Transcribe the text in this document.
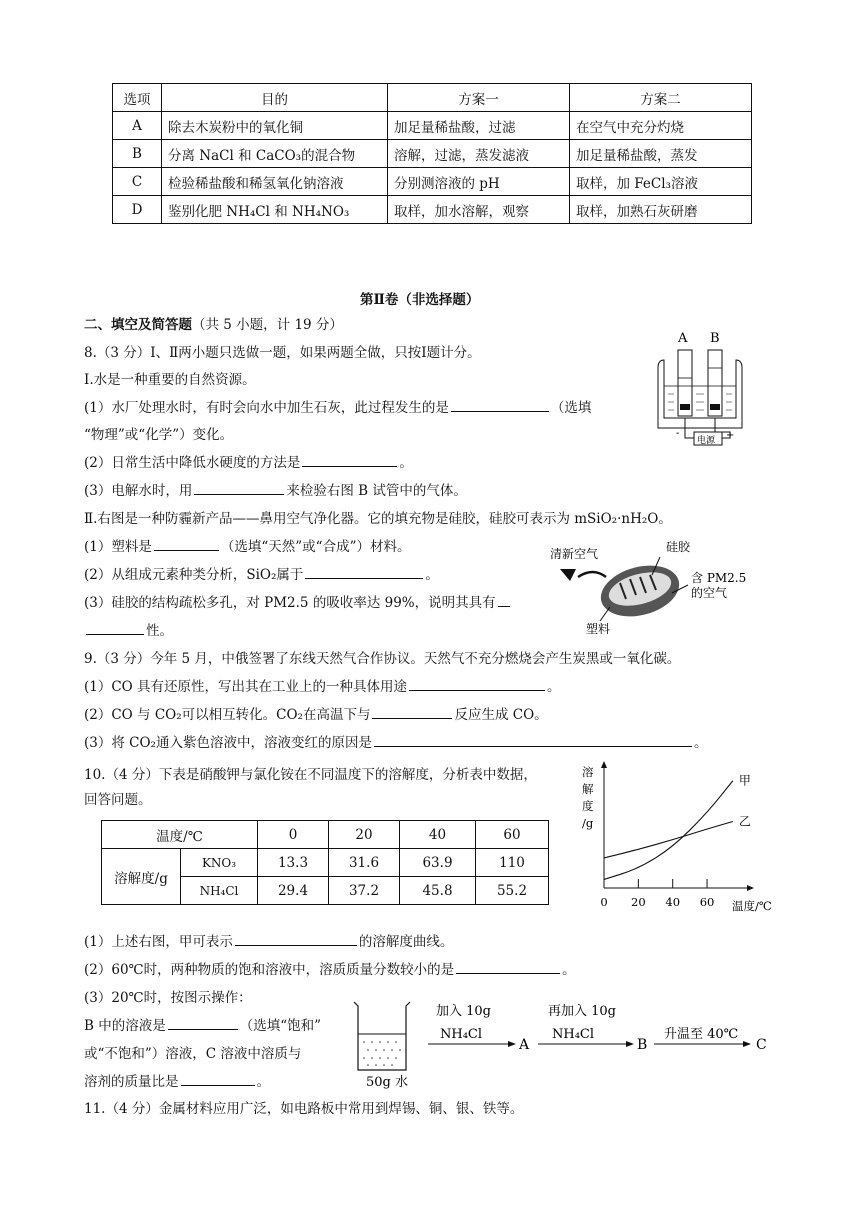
选项	目的	方案一	方案二
A	除去木炭粉中的氧化铜	加足量稀盐酸，过滤	在空气中充分灼烧
B	分离 NaCl 和 CaCO₃的混合物	溶解，过滤，蒸发滤液	加足量稀盐酸，蒸发
C	检验稀盐酸和稀氢氧化钠溶液	分别测溶液的 pH	取样，加 FeCl₃溶液
D	鉴别化肥 NH₄Cl 和 NH₄NO₃	取样，加水溶解，观察	取样，加熟石灰研磨
第Ⅱ卷（非选择题）
二、填空及简答题（共 5 小题，计 19 分）
8.（3 分）Ⅰ、Ⅱ两小题只选做一题，如果两题全做，只按Ⅰ题计分。
Ⅰ.水是一种重要的自然资源。
(1）水厂处理水时，有时会向水中加生石灰，此过程发生的是	（选填
“物理”或“化学”）变化。
(2）日常生活中降低水硬度的方法是	。
(3）电解水时，用	来检验右图 B 试管中的气体。
Ⅱ.右图是一种防霾新产品——鼻用空气净化器。它的填充物是硅胶，硅胶可表示为 mSiO₂·nH₂O。
(1）塑料是	（选填“天然”或“合成”）材料。
(2）从组成元素种类分析，SiO₂属于	。
(3）硅胶的结构疏松多孔，对 PM2.5 的吸收率达 99%，说明其具有
性。
A B
电源
-	+
清新空气	硅胶
含 PM2.5
的空气
塑料
9.（3 分）今年 5 月，中俄签署了东线天然气合作协议。天然气不充分燃烧会产生炭黑或一氧化碳。
(1）CO 具有还原性，写出其在工业上的一种具体用途	。
(2）CO 与 CO₂可以相互转化。CO₂在高温下与	反应生成 CO。
(3）将 CO₂通入紫色溶液中，溶液变红的原因是	。
10.（4 分）下表是硝酸钾与氯化铵在不同温度下的溶解度，分析表中数据，
回答问题。
温度/℃		0	20	40	60
溶解度/g	KNO₃	13.3	31.6	63.9	110
	NH₄Cl	29.4	37.2	45.8	55.2
溶
解
度
/g
0 20 40 60
甲
乙
温度/℃
(1）上述右图，甲可表示	的溶解度曲线。
(2）60℃时，两种物质的饱和溶液中，溶质质量分数较小的是	。
(3）20℃时，按图示操作：
B 中的溶液是	（选填“饱和”
或“不饱和”）溶液，C 溶液中溶质与
溶剂的质量比是	。	50g 水
加入 10g
NH₄Cl
A
再加入 10g
NH₄Cl
B
升温至 40℃
C
11.（4 分）金属材料应用广泛，如电路板中常用到焊锡、铜、银、铁等。
